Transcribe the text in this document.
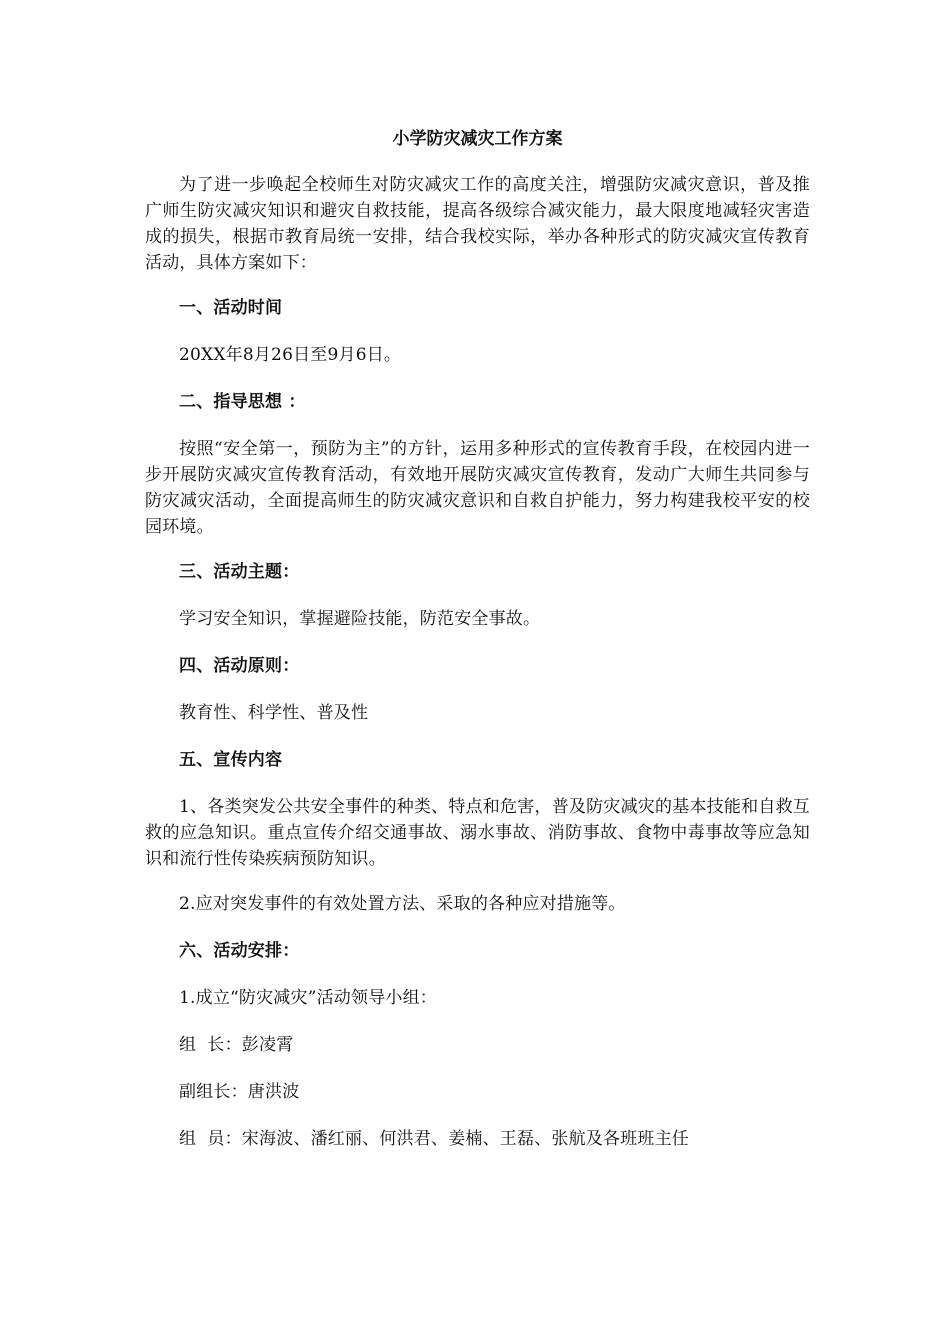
小学防灾减灾工作方案

为了进一步唤起全校师生对防灾减灾工作的高度关注，增强防灾减灾意识，普及推广师生防灾减灾知识和避灾自救技能，提高各级综合减灾能力，最大限度地减轻灾害造成的损失，根据市教育局统一安排，结合我校实际，举办各种形式的防灾减灾宣传教育活动，具体方案如下：

一、活动时间

20XX年8月26日至9月6日。

二、指导思想 ：

按照“安全第一，预防为主”的方针，运用多种形式的宣传教育手段，在校园内进一步开展防灾减灾宣传教育活动，有效地开展防灾减灾宣传教育，发动广大师生共同参与防灾减灾活动，全面提高师生的防灾减灾意识和自救自护能力，努力构建我校平安的校园环境。

三、活动主题：

学习安全知识，掌握避险技能，防范安全事故。

四、活动原则：

教育性、科学性、普及性

五、宣传内容

1、各类突发公共安全事件的种类、特点和危害，普及防灾减灾的基本技能和自救互救的应急知识。重点宣传介绍交通事故、溺水事故、消防事故、食物中毒事故等应急知识和流行性传染疾病预防知识。

2.应对突发事件的有效处置方法、采取的各种应对措施等。

六、活动安排：

1.成立“防灾减灾”活动领导小组：

组  长：彭凌霄

副组长：唐洪波

组  员：宋海波、潘红丽、何洪君、姜楠、王磊、张航及各班班主任
